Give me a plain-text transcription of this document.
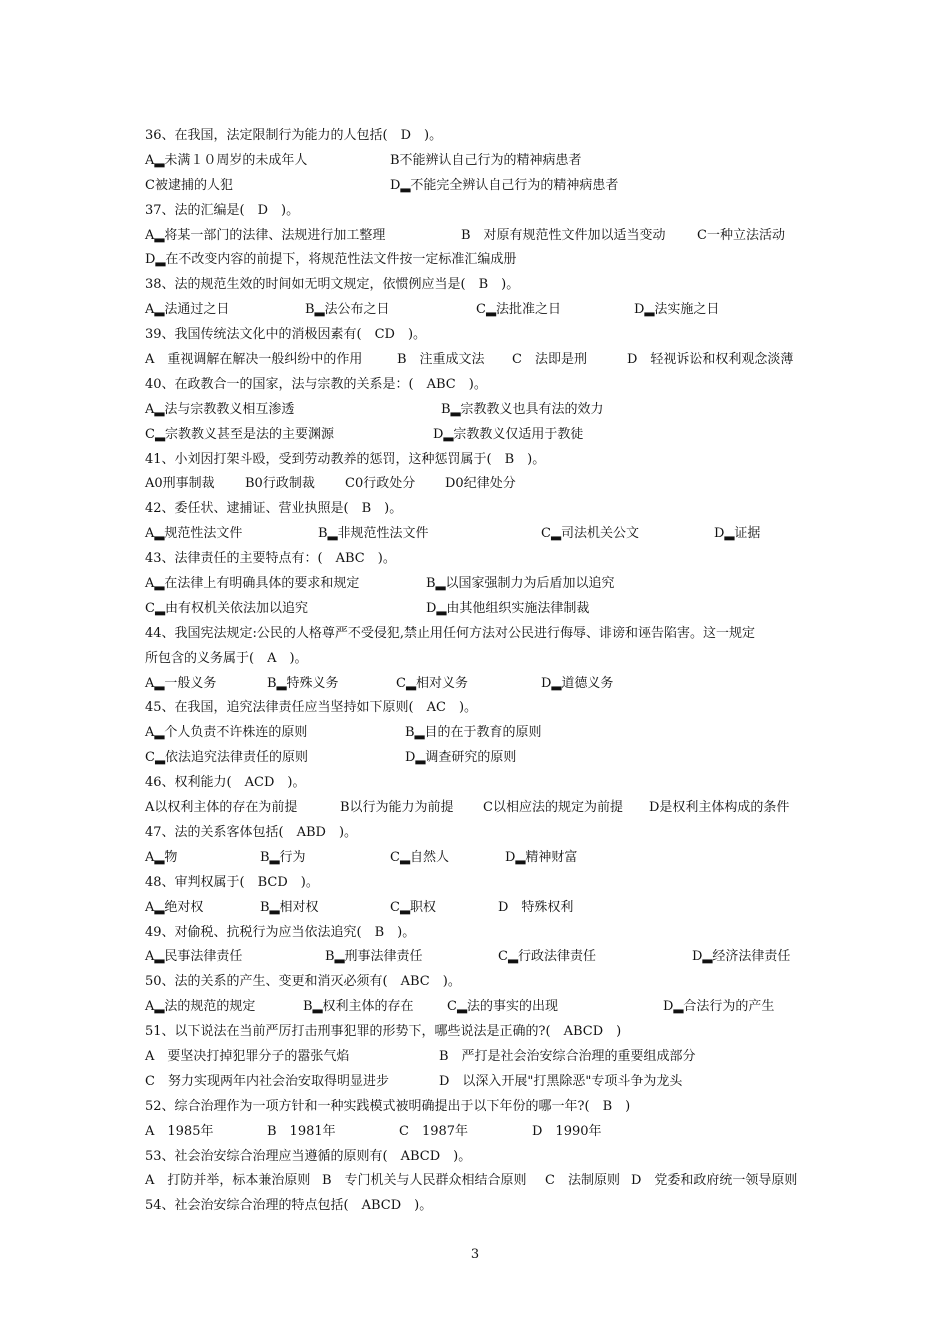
36、在我国，法定限制行为能力的人包括(　D　)。
A▂未满１０周岁的未成年人	B不能辨认自己行为的精神病患者
C被逮捕的人犯	D▂不能完全辨认自己行为的精神病患者
37、法的汇编是(　D　)。
A▂将某一部门的法律、法规进行加工整理	B　对原有规范性文件加以适当变动 C一种立法活动
D▂在不改变内容的前提下，将规范性法文件按一定标准汇编成册
38、法的规范生效的时间如无明文规定，依惯例应当是(　B　)。
A▂法通过之日	B▂法公布之日	C▂法批准之日	D▂法实施之日
39、我国传统法文化中的消极因素有(　CD　)。
A　重视调解在解决一般纠纷中的作用	B　注重成文法 C　法即是刑	D　轻视诉讼和权利观念淡薄
40、在政教合一的国家，法与宗教的关系是：(　ABC　)。
A▂法与宗教教义相互渗透	B▂宗教教义也具有法的效力
C▂宗教教义甚至是法的主要渊源	D▂宗教教义仅适用于教徒
41、小刘因打架斗殴，受到劳动教养的惩罚，这种惩罚属于(　B　)。
A0刑事制裁 B0行政制裁 C0行政处分 D0纪律处分
42、委任状、逮捕证、营业执照是(　B　)。
A▂规范性法文件	B▂非规范性法文件	C▂司法机关公文	D▂证据
43、法律责任的主要特点有：(　ABC　)。
A▂在法律上有明确具体的要求和规定	B▂以国家强制力为后盾加以追究
C▂由有权机关依法加以追究	D▂由其他组织实施法律制裁
44、我国宪法规定:公民的人格尊严不受侵犯,禁止用任何方法对公民进行侮辱、诽谤和诬告陷害。这一规定
所包含的义务属于(　A　)。
A▂一般义务	B▂特殊义务	C▂相对义务	D▂道德义务
45、在我国，追究法律责任应当坚持如下原则(　AC　)。
A▂个人负责不许株连的原则	B▂目的在于教育的原则
C▂依法追究法律责任的原则	D▂调查研究的原则
46、权利能力(　ACD　)。
A以权利主体的存在为前提	B以行为能力为前提 C以相应法的规定为前提 D是权利主体构成的条件
47、法的关系客体包括(　ABD　)。
A▂物	B▂行为	C▂自然人	D▂精神财富
48、审判权属于(　BCD　)。
A▂绝对权	B▂相对权	C▂职权	D　特殊权利
49、对偷税、抗税行为应当依法追究(　B　)。
A▂民事法律责任	B▂刑事法律责任	C▂行政法律责任	D▂经济法律责任
50、法的关系的产生、变更和消灭必须有(　ABC　)。
A▂法的规范的规定	B▂权利主体的存在	C▂法的事实的出现	D▂合法行为的产生
51、以下说法在当前严厉打击刑事犯罪的形势下，哪些说法是正确的?(　ABCD　)
A　要坚决打掉犯罪分子的嚣张气焰	B　严打是社会治安综合治理的重要组成部分
C　努力实现两年内社会治安取得明显进步	D　以深入开展"打黑除恶"专项斗争为龙头
52、综合治理作为一项方针和一种实践模式被明确提出于以下年份的哪一年?(　B　)
A　1985年	B　1981年	C　1987年	D　1990年
53、社会治安综合治理应当遵循的原则有(　ABCD　)。
A　打防并举，标本兼治原则 B　专门机关与人民群众相结合原则 C　法制原则 D　党委和政府统一领导原则
54、社会治安综合治理的特点包括(　ABCD　)。
3
